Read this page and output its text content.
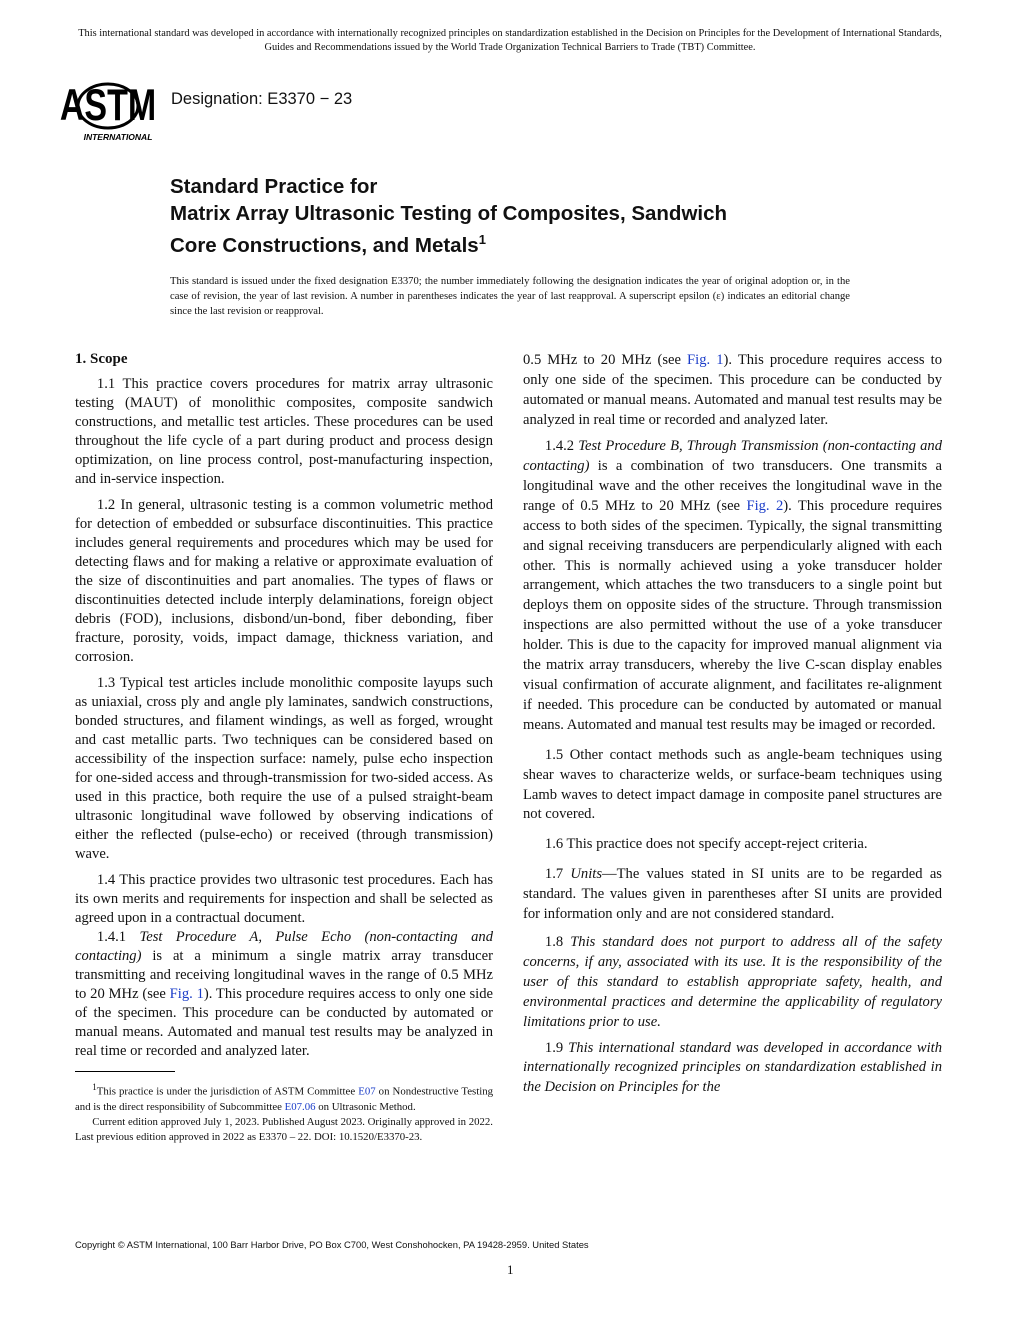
This international standard was developed in accordance with internationally recognized principles on standardization established in the Decision on Principles for the Development of International Standards, Guides and Recommendations issued by the World Trade Organization Technical Barriers to Trade (TBT) Committee.
ASTM
INTERNATIONAL
Designation: E3370 − 23
Standard Practice for
Matrix Array Ultrasonic Testing of Composites, Sandwich
Core Constructions, and Metals$^1$
This standard is issued under the fixed designation E3370; the number immediately following the designation indicates the year of original adoption or, in the case of revision, the year of last revision. A number in parentheses indicates the year of last reapproval. A superscript epsilon (ε) indicates an editorial change since the last revision or reapproval.
1. Scope

1.1 This practice covers procedures for matrix array ultrasonic testing (MAUT) of monolithic composites, composite sandwich constructions, and metallic test articles. These procedures can be used throughout the life cycle of a part during product and process design optimization, on line process control, post-manufacturing inspection, and in-service inspection.

1.2 In general, ultrasonic testing is a common volumetric method for detection of embedded or subsurface discontinuities. This practice includes general requirements and procedures which may be used for detecting flaws and for making a relative or approximate evaluation of the size of discontinuities and part anomalies. The types of flaws or discontinuities detected include interply delaminations, foreign object debris (FOD), inclusions, disbond/un-bond, fiber debonding, fiber fracture, porosity, voids, impact damage, thickness variation, and corrosion.

1.3 Typical test articles include monolithic composite layups such as uniaxial, cross ply and angle ply laminates, sandwich constructions, bonded structures, and filament windings, as well as forged, wrought and cast metallic parts. Two techniques can be considered based on accessibility of the inspection surface: namely, pulse echo inspection for one-sided access and through-transmission for two-sided access. As used in this practice, both require the use of a pulsed straight-beam ultrasonic longitudinal wave followed by observing indications of either the reflected (pulse-echo) or received (through transmission) wave.

1.4 This practice provides two ultrasonic test procedures. Each has its own merits and requirements for inspection and shall be selected as agreed upon in a contractual document.

1.4.1 Test Procedure A, Pulse Echo (non-contacting and contacting) is at a minimum a single matrix array transducer transmitting and receiving longitudinal waves in the range of 0.5 MHz to 20 MHz (see Fig. 1). This procedure requires access to only one side of the specimen. This procedure can be conducted by automated or manual means. Automated and manual test results may be analyzed in real time or recorded and analyzed later.

0.5 MHz to 20 MHz (see Fig. 1). This procedure requires access to only one side of the specimen. This procedure can be conducted by automated or manual means. Automated and manual test results may be analyzed in real time or recorded and analyzed later.

1.4.2 Test Procedure B, Through Transmission (non-contacting and contacting) is a combination of two transducers. One transmits a longitudinal wave and the other receives the longitudinal wave in the range of 0.5 MHz to 20 MHz (see Fig. 2). This procedure requires access to both sides of the specimen. Typically, the signal transmitting and signal receiving transducers are perpendicularly aligned with each other. This is normally achieved using a yoke transducer holder arrangement, which attaches the two transducers to a single point but deploys them on opposite sides of the structure. Through transmission inspections are also permitted without the use of a yoke transducer holder. This is due to the capacity for improved manual alignment via the matrix array transducers, whereby the live C-scan display enables visual confirmation of accurate alignment, and facilitates re-alignment if needed. This procedure can be conducted by automated or manual means. Automated and manual test results may be imaged or recorded.

1.5 Other contact methods such as angle-beam techniques using shear waves to characterize welds, or surface-beam techniques using Lamb waves to detect impact damage in composite panel structures are not covered.

1.6 This practice does not specify accept-reject criteria.

1.7 Units—The values stated in SI units are to be regarded as standard. The values given in parentheses after SI units are provided for information only and are not considered standard.

1.8 This standard does not purport to address all of the safety concerns, if any, associated with its use. It is the responsibility of the user of this standard to establish appropriate safety, health, and environmental practices and determine the applicability of regulatory limitations prior to use.

1.9 This international standard was developed in accordance with internationally recognized principles on standardization established in the Decision on Principles for the

$^1$This practice is under the jurisdiction of ASTM Committee E07 on Nondestructive Testing and is the direct responsibility of Subcommittee E07.06 on Ultrasonic Method.

Current edition approved July 1, 2023. Published August 2023. Originally approved in 2022. Last previous edition approved in 2022 as E3370 – 22. DOI: 10.1520/E3370-23.

Copyright © ASTM International, 100 Barr Harbor Drive, PO Box C700, West Conshohocken, PA 19428-2959. United States
1
